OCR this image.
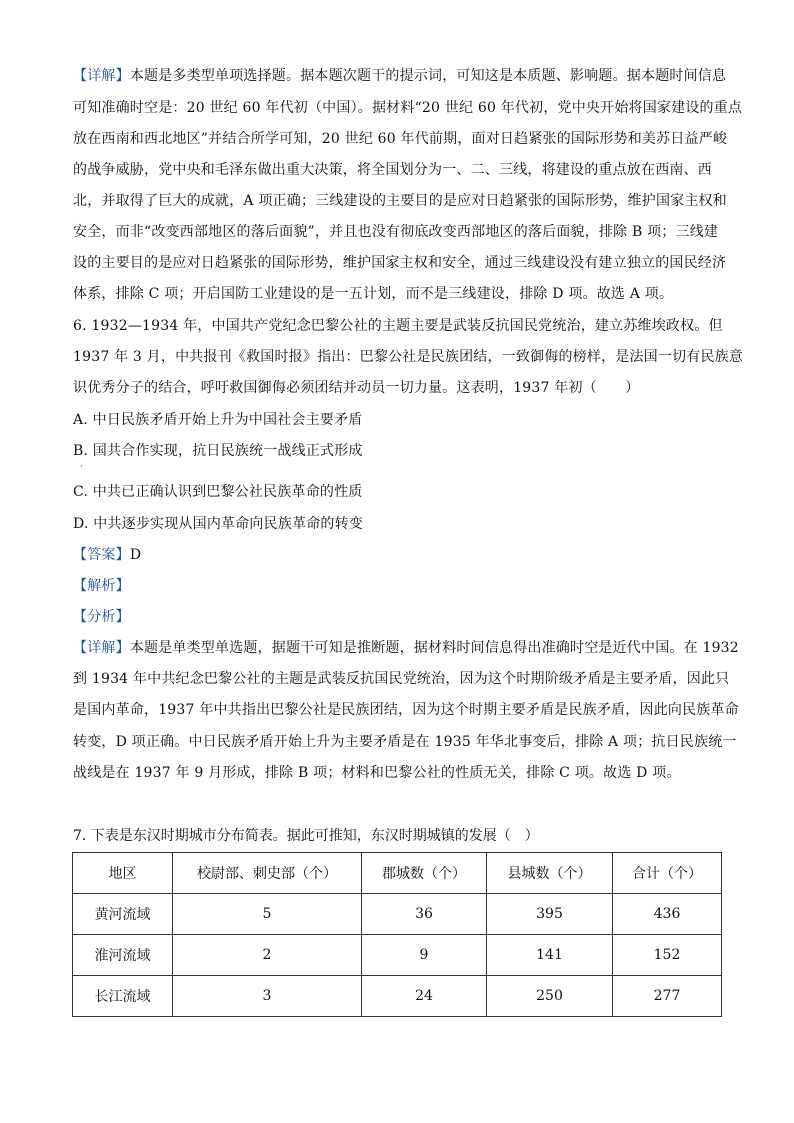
【详解】本题是多类型单项选择题。据本题次题干的提示词，可知这是本质题、影响题。据本题时间信息
可知准确时空是：20 世纪 60 年代初（中国）。据材料“20 世纪 60 年代初，党中央开始将国家建设的重点
放在西南和西北地区”并结合所学可知，20 世纪 60 年代前期，面对日趋紧张的国际形势和美苏日益严峻
的战争威胁，党中央和毛泽东做出重大决策，将全国划分为一、二、三线，将建设的重点放在西南、西
北，并取得了巨大的成就，A 项正确；三线建设的主要目的是应对日趋紧张的国际形势，维护国家主权和
安全，而非“改变西部地区的落后面貌”，并且也没有彻底改变西部地区的落后面貌，排除 B 项；三线建
设的主要目的是应对日趋紧张的国际形势，维护国家主权和安全，通过三线建设没有建立独立的国民经济
体系，排除 C 项；开启国防工业建设的是一五计划，而不是三线建设，排除 D 项。故选 A 项。
6. 1932—1934 年，中国共产党纪念巴黎公社的主题主要是武装反抗国民党统治，建立苏维埃政权。但
1937 年 3 月，中共报刊《救国时报》指出：巴黎公社是民族团结，一致御侮的榜样，是法国一切有民族意
识优秀分子的结合，呼吁救国御侮必须团结并动员一切力量。这表明，1937 年初（　　）
A. 中日民族矛盾开始上升为中国社会主要矛盾
B. 国共合作实现，抗日民族统一战线正式形成
·
C. 中共已正确认识到巴黎公社民族革命的性质
D. 中共逐步实现从国内革命向民族革命的转变
【答案】D
【解析】
【分析】
【详解】本题是单类型单选题，据题干可知是推断题，据材料时间信息得出准确时空是近代中国。在 1932
到 1934 年中共纪念巴黎公社的主题是武装反抗国民党统治，因为这个时期阶级矛盾是主要矛盾，因此只
是国内革命，1937 年中共指出巴黎公社是民族团结，因为这个时期主要矛盾是民族矛盾，因此向民族革命
转变，D 项正确。中日民族矛盾开始上升为主要矛盾是在 1935 年华北事变后，排除 A 项；抗日民族统一
战线是在 1937 年 9 月形成，排除 B 项；材料和巴黎公社的性质无关，排除 C 项。故选 D 项。
7. 下表是东汉时期城市分布简表。据此可推知，东汉时期城镇的发展（　）
地区	校尉部、刺史部（个）	郡城数（个）	县城数（个）	合计（个）
黄河流域	5	36	395	436
淮河流域	2	9	141	152
长江流域	3	24	250	277
